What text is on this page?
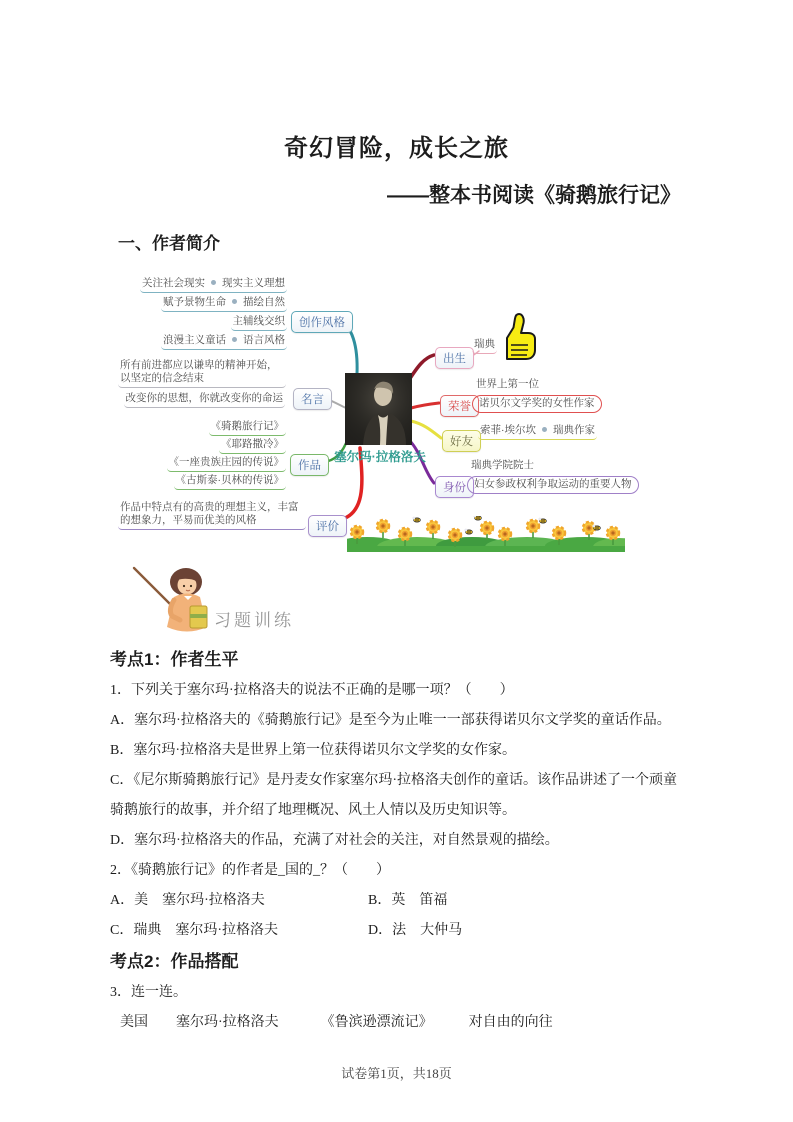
奇幻冒险，成长之旅
——整本书阅读《骑鹅旅行记》
一、作者简介
关注社会现实 现实主义理想
赋予景物生命 描绘自然
主辅线交织
浪漫主义童话 语言风格
创作风格
所有前进都应以谦卑的精神开始，以坚定的信念结束
改变你的思想，你就改变你的命运	名言
《骑鹅旅行记》
《耶路撒冷》
《一座贵族庄园的传说》
《古斯泰·贝林的传说》
作品
作品中特点有的高贵的理想主义，丰富的想象力，平易而优美的风格
评价
塞尔玛·拉格洛夫
出生
瑞典
荣誉
世界上第一位
诺贝尔文学奖的女性作家
好友
索菲·埃尔坎 瑞典作家
身份
瑞典学院院士
妇女参政权利争取运动的重要人物
习题训练

考点1：作者生平

1．下列关于塞尔玛·拉格洛夫的说法不正确的是哪一项？（　　）

A．塞尔玛·拉格洛夫的《骑鹅旅行记》是至今为止唯一一部获得诺贝尔文学奖的童话作品。

B．塞尔玛·拉格洛夫是世界上第一位获得诺贝尔文学奖的女作家。

C．《尼尔斯骑鹅旅行记》是丹麦女作家塞尔玛·拉格洛夫创作的童话。该作品讲述了一个顽童骑鹅旅行的故事，并介绍了地理概况、风土人情以及历史知识等。

D．塞尔玛·拉格洛夫的作品，充满了对社会的关注，对自然景观的描绘。

2．《骑鹅旅行记》的作者是_国的_？（　　）

A．美　塞尔玛·拉格洛夫	B．英　笛福
C．瑞典　塞尔玛·拉格洛夫	D．法　大仲马

考点2：作品搭配

3．连一连。

美国 塞尔玛·拉格洛夫	《鲁滨逊漂流记》	对自由的向往
试卷第1页，共18页
